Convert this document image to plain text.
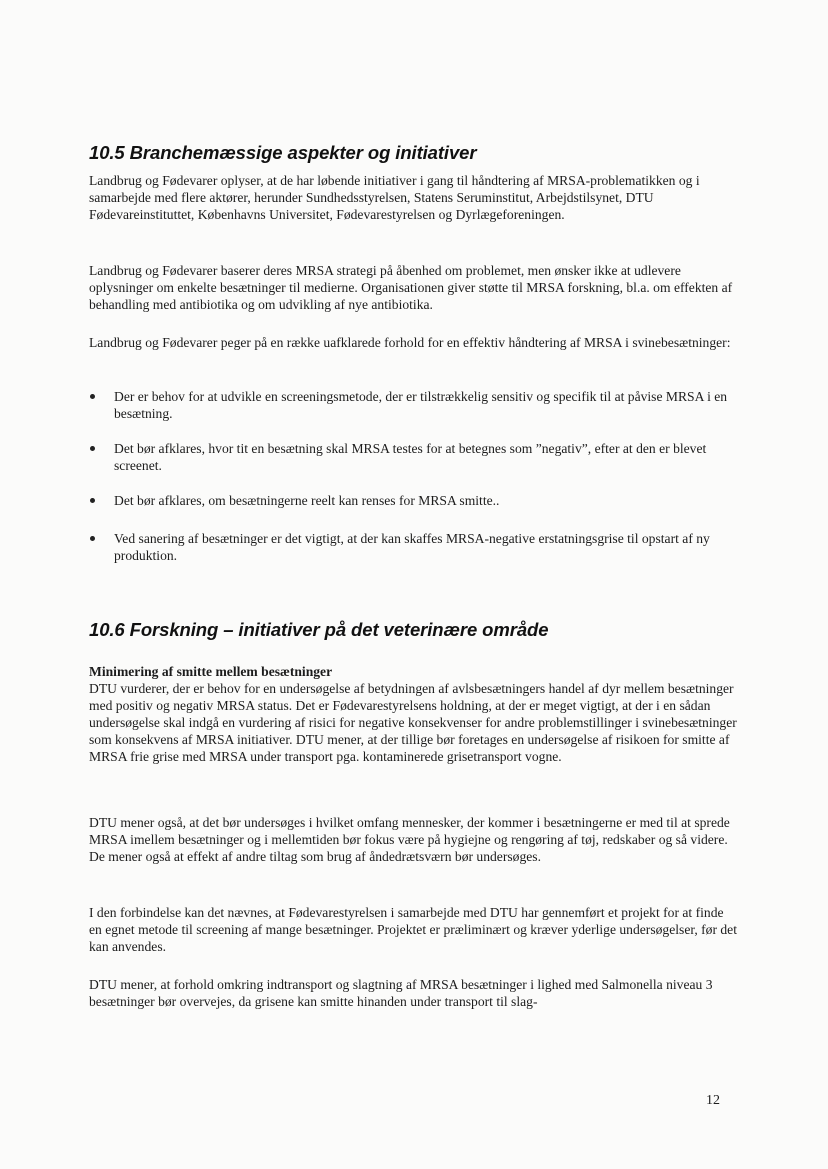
10.5 Branchemæssige aspekter og initiativer

Landbrug og Fødevarer oplyser, at de har løbende initiativer i gang til håndtering af MRSA-problematikken og i samarbejde med flere aktører, herunder Sundhedsstyrelsen, Statens Seruminstitut, Arbejdstilsynet, DTU Fødevareinstituttet, Københavns Universitet, Fødevarestyrelsen og Dyrlægeforeningen.

Landbrug og Fødevarer baserer deres MRSA strategi på åbenhed om problemet, men ønsker ikke at udlevere oplysninger om enkelte besætninger til medierne. Organisationen giver støtte til MRSA forskning, bl.a. om effekten af behandling med antibiotika og om udvikling af nye antibiotika.

Landbrug og Fødevarer peger på en række uafklarede forhold for en effektiv håndtering af MRSA i svinebesætninger:

Der er behov for at udvikle en screeningsmetode, der er tilstrækkelig sensitiv og specifik til at påvise MRSA i en besætning.
Det bør afklares, hvor tit en besætning skal MRSA testes for at betegnes som ”negativ”, efter at den er blevet screenet.
Det bør afklares, om besætningerne reelt kan renses for MRSA smitte..
Ved sanering af besætninger er det vigtigt, at der kan skaffes MRSA-negative erstatningsgrise til opstart af ny produktion.
10.6 Forskning – initiativer på det veterinære område

Minimering af smitte mellem besætninger

DTU vurderer, der er behov for en undersøgelse af betydningen af avlsbesætningers handel af dyr mellem besætninger med positiv og negativ MRSA status. Det er Fødevarestyrelsens holdning, at der er meget vigtigt, at der i en sådan undersøgelse skal indgå en vurdering af risici for negative konsekvenser for andre problemstillinger i svinebesætninger som konsekvens af MRSA initiativer. DTU mener, at der tillige bør foretages en undersøgelse af risikoen for smitte af MRSA frie grise med MRSA under transport pga. kontaminerede grisetransport vogne.

DTU mener også, at det bør undersøges i hvilket omfang mennesker, der kommer i besætningerne er med til at sprede MRSA imellem besætninger og i mellemtiden bør fokus være på hygiejne og rengøring af tøj, redskaber og så videre. De mener også at effekt af andre tiltag som brug af åndedrætsværn bør undersøges.

I den forbindelse kan det nævnes, at Fødevarestyrelsen i samarbejde med DTU har gennemført et projekt for at finde en egnet metode til screening af mange besætninger. Projektet er præliminært og kræver yderlige undersøgelser, før det kan anvendes.

DTU mener, at forhold omkring indtransport og slagtning af MRSA besætninger i lighed med Salmonella niveau 3 besætninger bør overvejes, da grisene kan smitte hinanden under transport til slag-

12
